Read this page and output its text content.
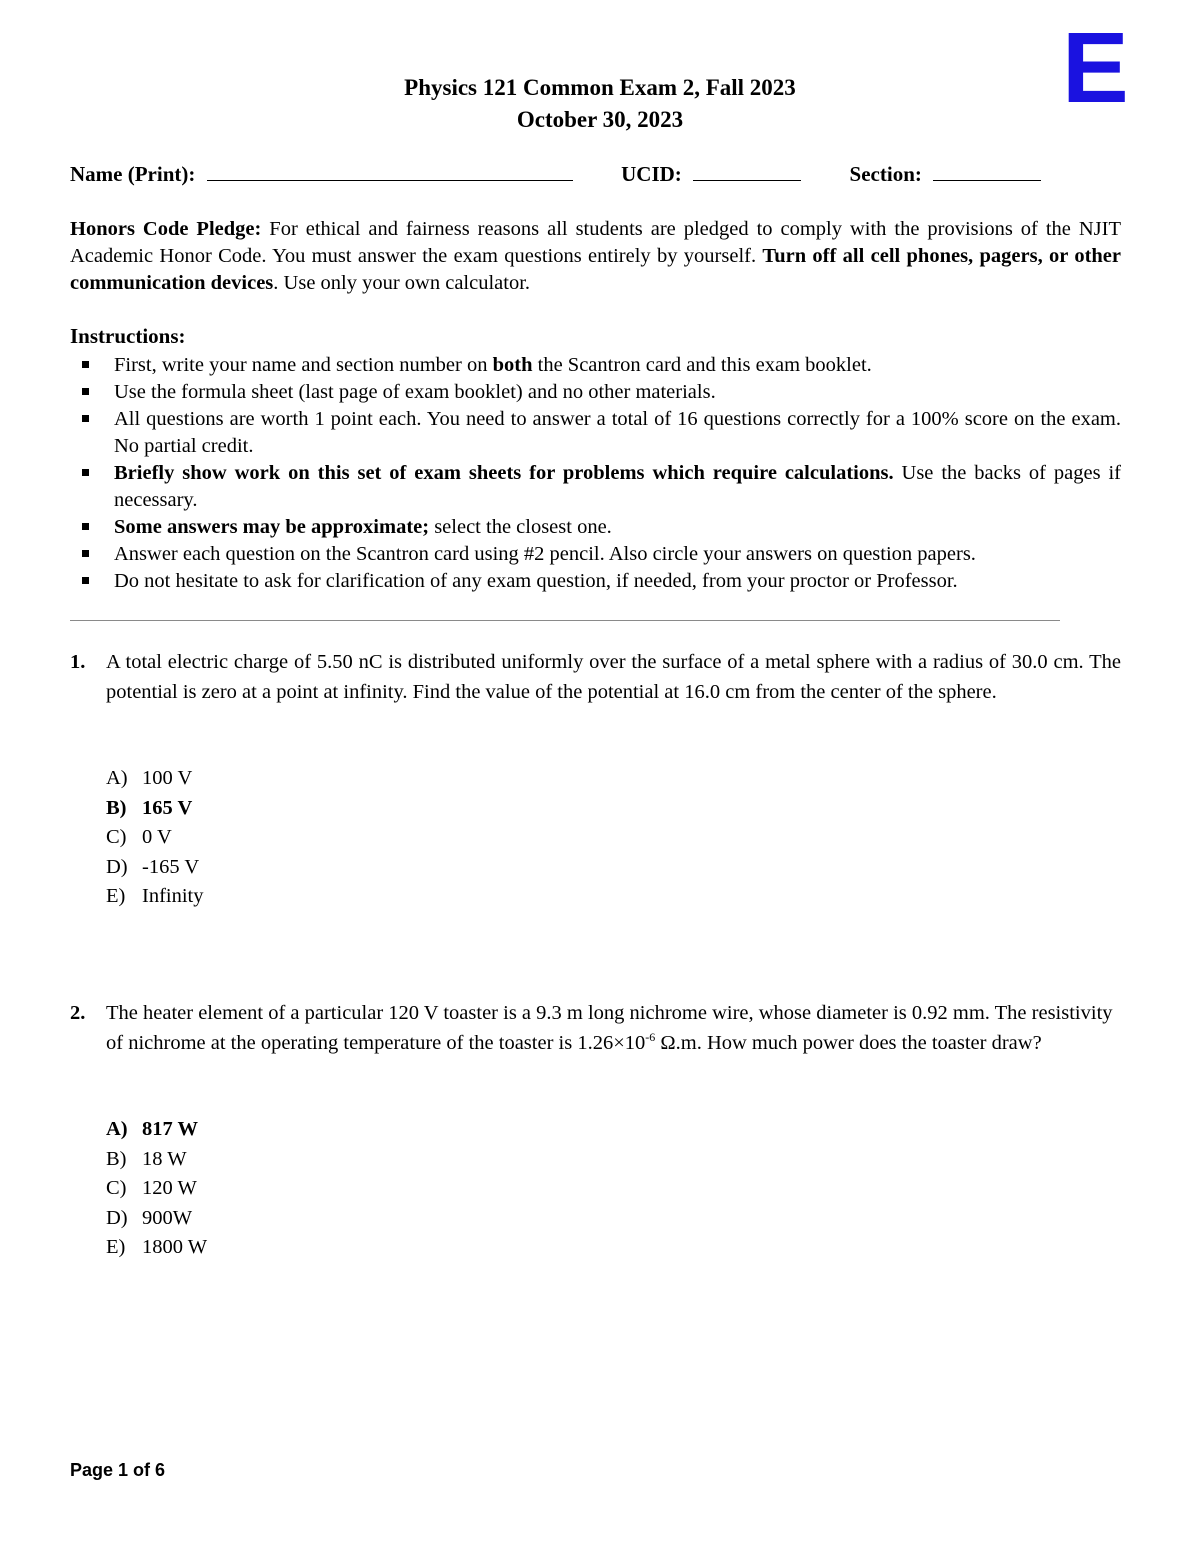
E
Physics 121 Common Exam 2, Fall 2023
October 30, 2023
Name (Print):	UCID:	Section:
Honors Code Pledge: For ethical and fairness reasons all students are pledged to comply with the provisions of the NJIT Academic Honor Code. You must answer the exam questions entirely by yourself. Turn off all cell phones, pagers, or other communication devices. Use only your own calculator.
Instructions:
First, write your name and section number on both the Scantron card and this exam booklet.
Use the formula sheet (last page of exam booklet) and no other materials.
All questions are worth 1 point each. You need to answer a total of 16 questions correctly for a 100% score on the exam. No partial credit.
Briefly show work on this set of exam sheets for problems which require calculations. Use the backs of pages if necessary.
Some answers may be approximate; select the closest one.
Answer each question on the Scantron card using #2 pencil. Also circle your answers on question papers.
Do not hesitate to ask for clarification of any exam question, if needed, from your proctor or Professor.
1. A total electric charge of 5.50 nC is distributed uniformly over the surface of a metal sphere with a radius of 30.0 cm. The potential is zero at a point at infinity. Find the value of the potential at 16.0 cm from the center of the sphere.
A) 100 V
B) 165 V
C) 0 V
D) -165 V
E) Infinity
2. The heater element of a particular 120 V toaster is a 9.3 m long nichrome wire, whose diameter is 0.92 mm. The resistivity of nichrome at the operating temperature of the toaster is $1.26\times 10^{-6}$ Ω.m. How much power does the toaster draw?
A) 817 W
B) 18 W
C) 120 W
D) 900W
E) 1800 W
Page 1 of 6
